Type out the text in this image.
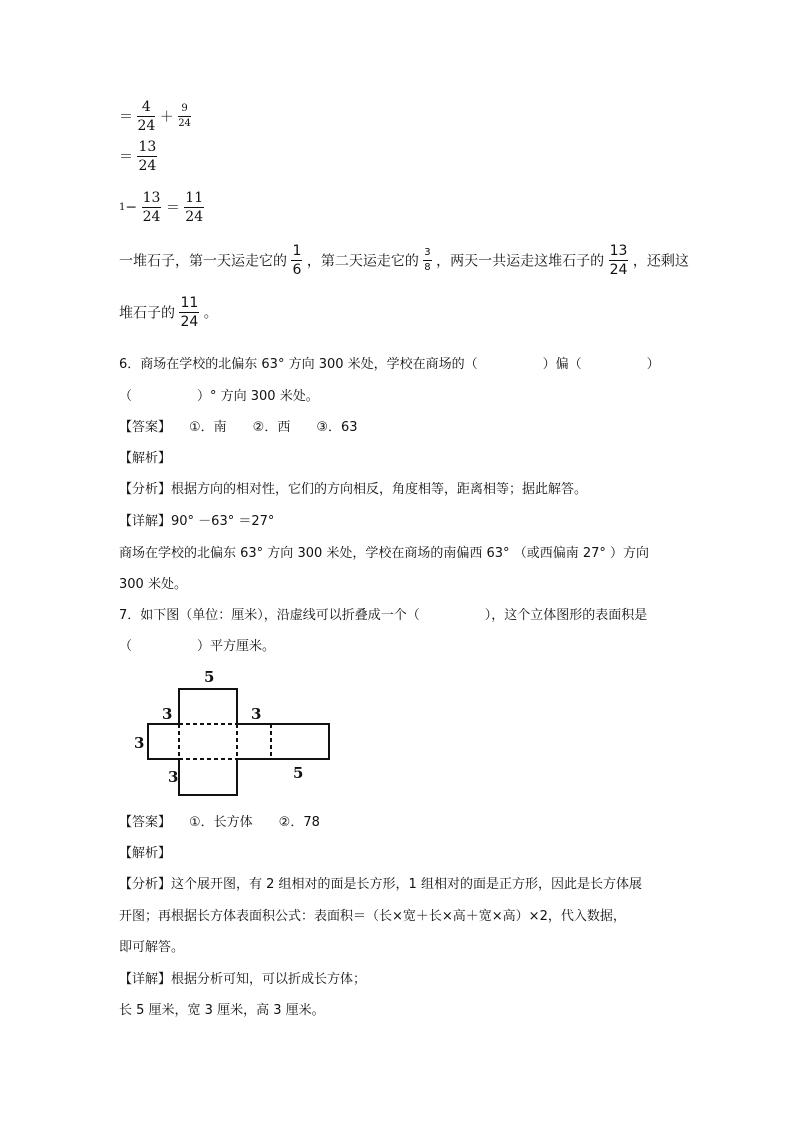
＝ $\frac{4}{24} + \frac{9}{24}$
＝ $\frac{13}{24}$
$1- \frac{13}{24} = \frac{11}{24}$
一堆石子，第一天运走它的 $\frac{1}{6}$ ，第二天运走它的 $\frac{3}{8}$ ，两天一共运走这堆石子的 $\frac{13}{24}$ ，还剩这
堆石子的 $\frac{11}{24}$ 。
6．商场在学校的北偏东 63° 方向 300 米处，学校在商场的（　　　　　）偏（　　　　　）
（　　　　　）° 方向 300 米处。
【答案】 ①．南　　②．西　　③．63
【解析】
【分析】根据方向的相对性，它们的方向相反，角度相等，距离相等；据此解答。
【详解】90° －63° ＝27°
商场在学校的北偏东 63° 方向 300 米处，学校在商场的南偏西 63° （或西偏南 27° ）方向
300 米处。
7．如下图（单位：厘米），沿虚线可以折叠成一个（　　　　　），这个立体图形的表面积是
（　　　　　）平方厘米。
5
3	3
3
3	5
【答案】 ①．长方体　　②．78
【解析】
【分析】这个展开图，有 2 组相对的面是长方形，1 组相对的面是正方形，因此是长方体展
开图；再根据长方体表面积公式：表面积＝（长×宽＋长×高＋宽×高）×2，代入数据，
即可解答。
【详解】根据分析可知，可以折成长方体；
长 5 厘米，宽 3 厘米，高 3 厘米。
